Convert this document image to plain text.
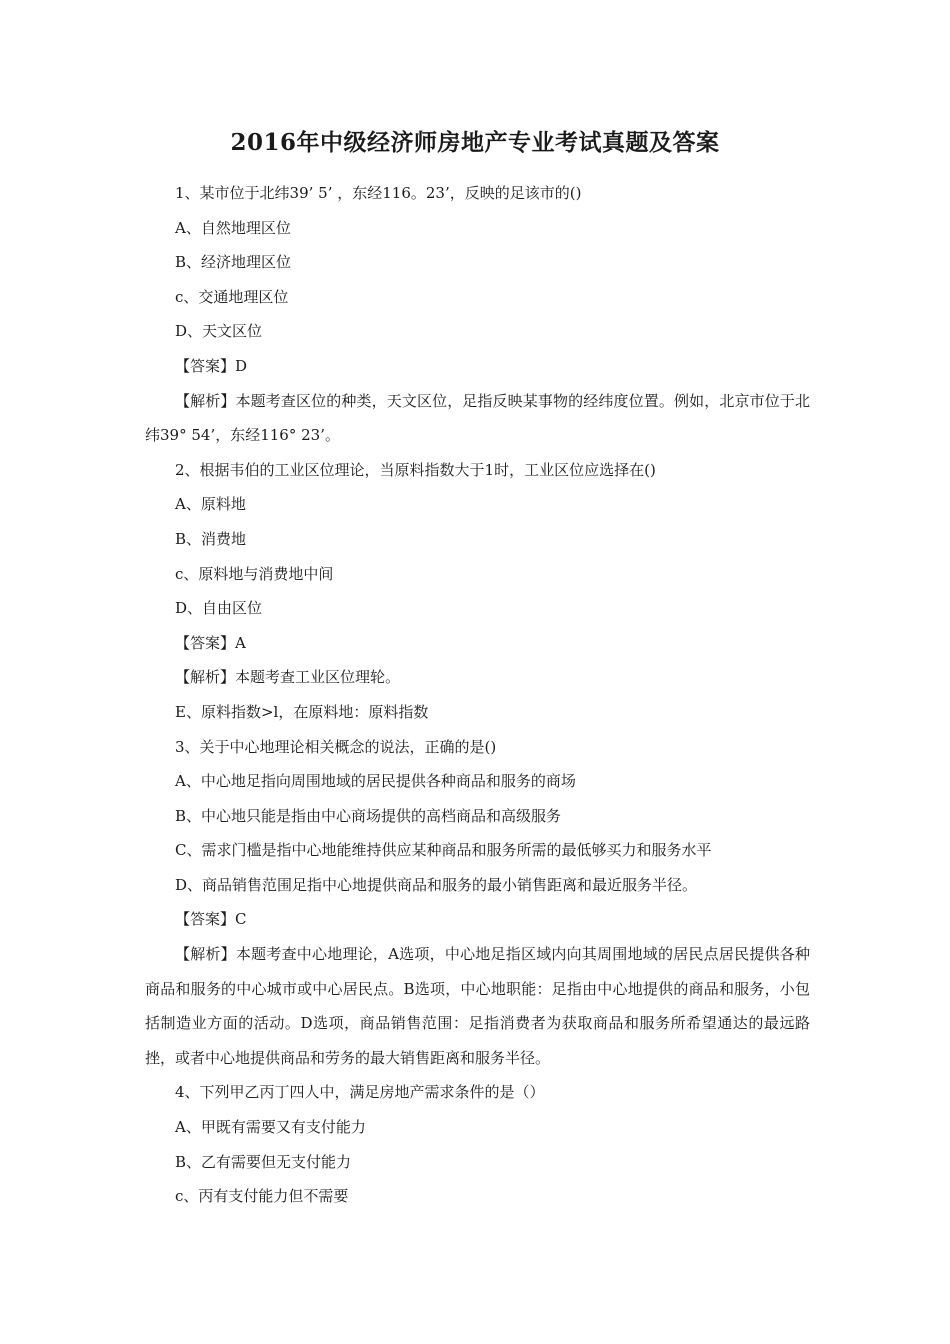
2016年中级经济师房地产专业考试真题及答案

1、某市位于北纬39’ 5’ ，东经116。23’，反映的足该市的()

A、自然地理区位

B、经济地理区位

c、交通地理区位

D、天文区位

【答案】D

【解析】本题考查区位的种类，天文区位，足指反映某事物的经纬度位置。例如，北京市位于北纬39° 54’，东经116° 23’。

2、根据韦伯的工业区位理论，当原料指数大于1时，工业区位应选择在()

A、原料地

B、消费地

c、原料地与消费地中间

D、自由区位

【答案】A

【解析】本题考查工业区位理轮。

E、原料指数>l，在原料地：原料指数

3、关于中心地理论相关概念的说法，正确的是()

A、中心地足指向周围地域的居民提供各种商品和服务的商场

B、中心地只能是指由中心商场提供的高档商品和高级服务

C、需求门槛是指中心地能维持供应某种商品和服务所需的最低够买力和服务水平

D、商品销售范围足指中心地提供商品和服务的最小销售距离和最近服务半径。

【答案】C

【解析】本题考查中心地理论，A选项，中心地足指区域内向其周围地域的居民点居民提供各种商品和服务的中心城市或中心居民点。B选项，中心地职能：足指由中心地提供的商品和服务，小包括制造业方面的活动。D选项，商品销售范围：足指消费者为获取商品和服务所希望通达的最远路挫，或者中心地提供商品和劳务的最大销售距离和服务半径。

4、下列甲乙丙丁四人中，满足房地产需求条件的是（）

A、甲既有需要又有支付能力

B、乙有需要但无支付能力

c、丙有支付能力但不需要
